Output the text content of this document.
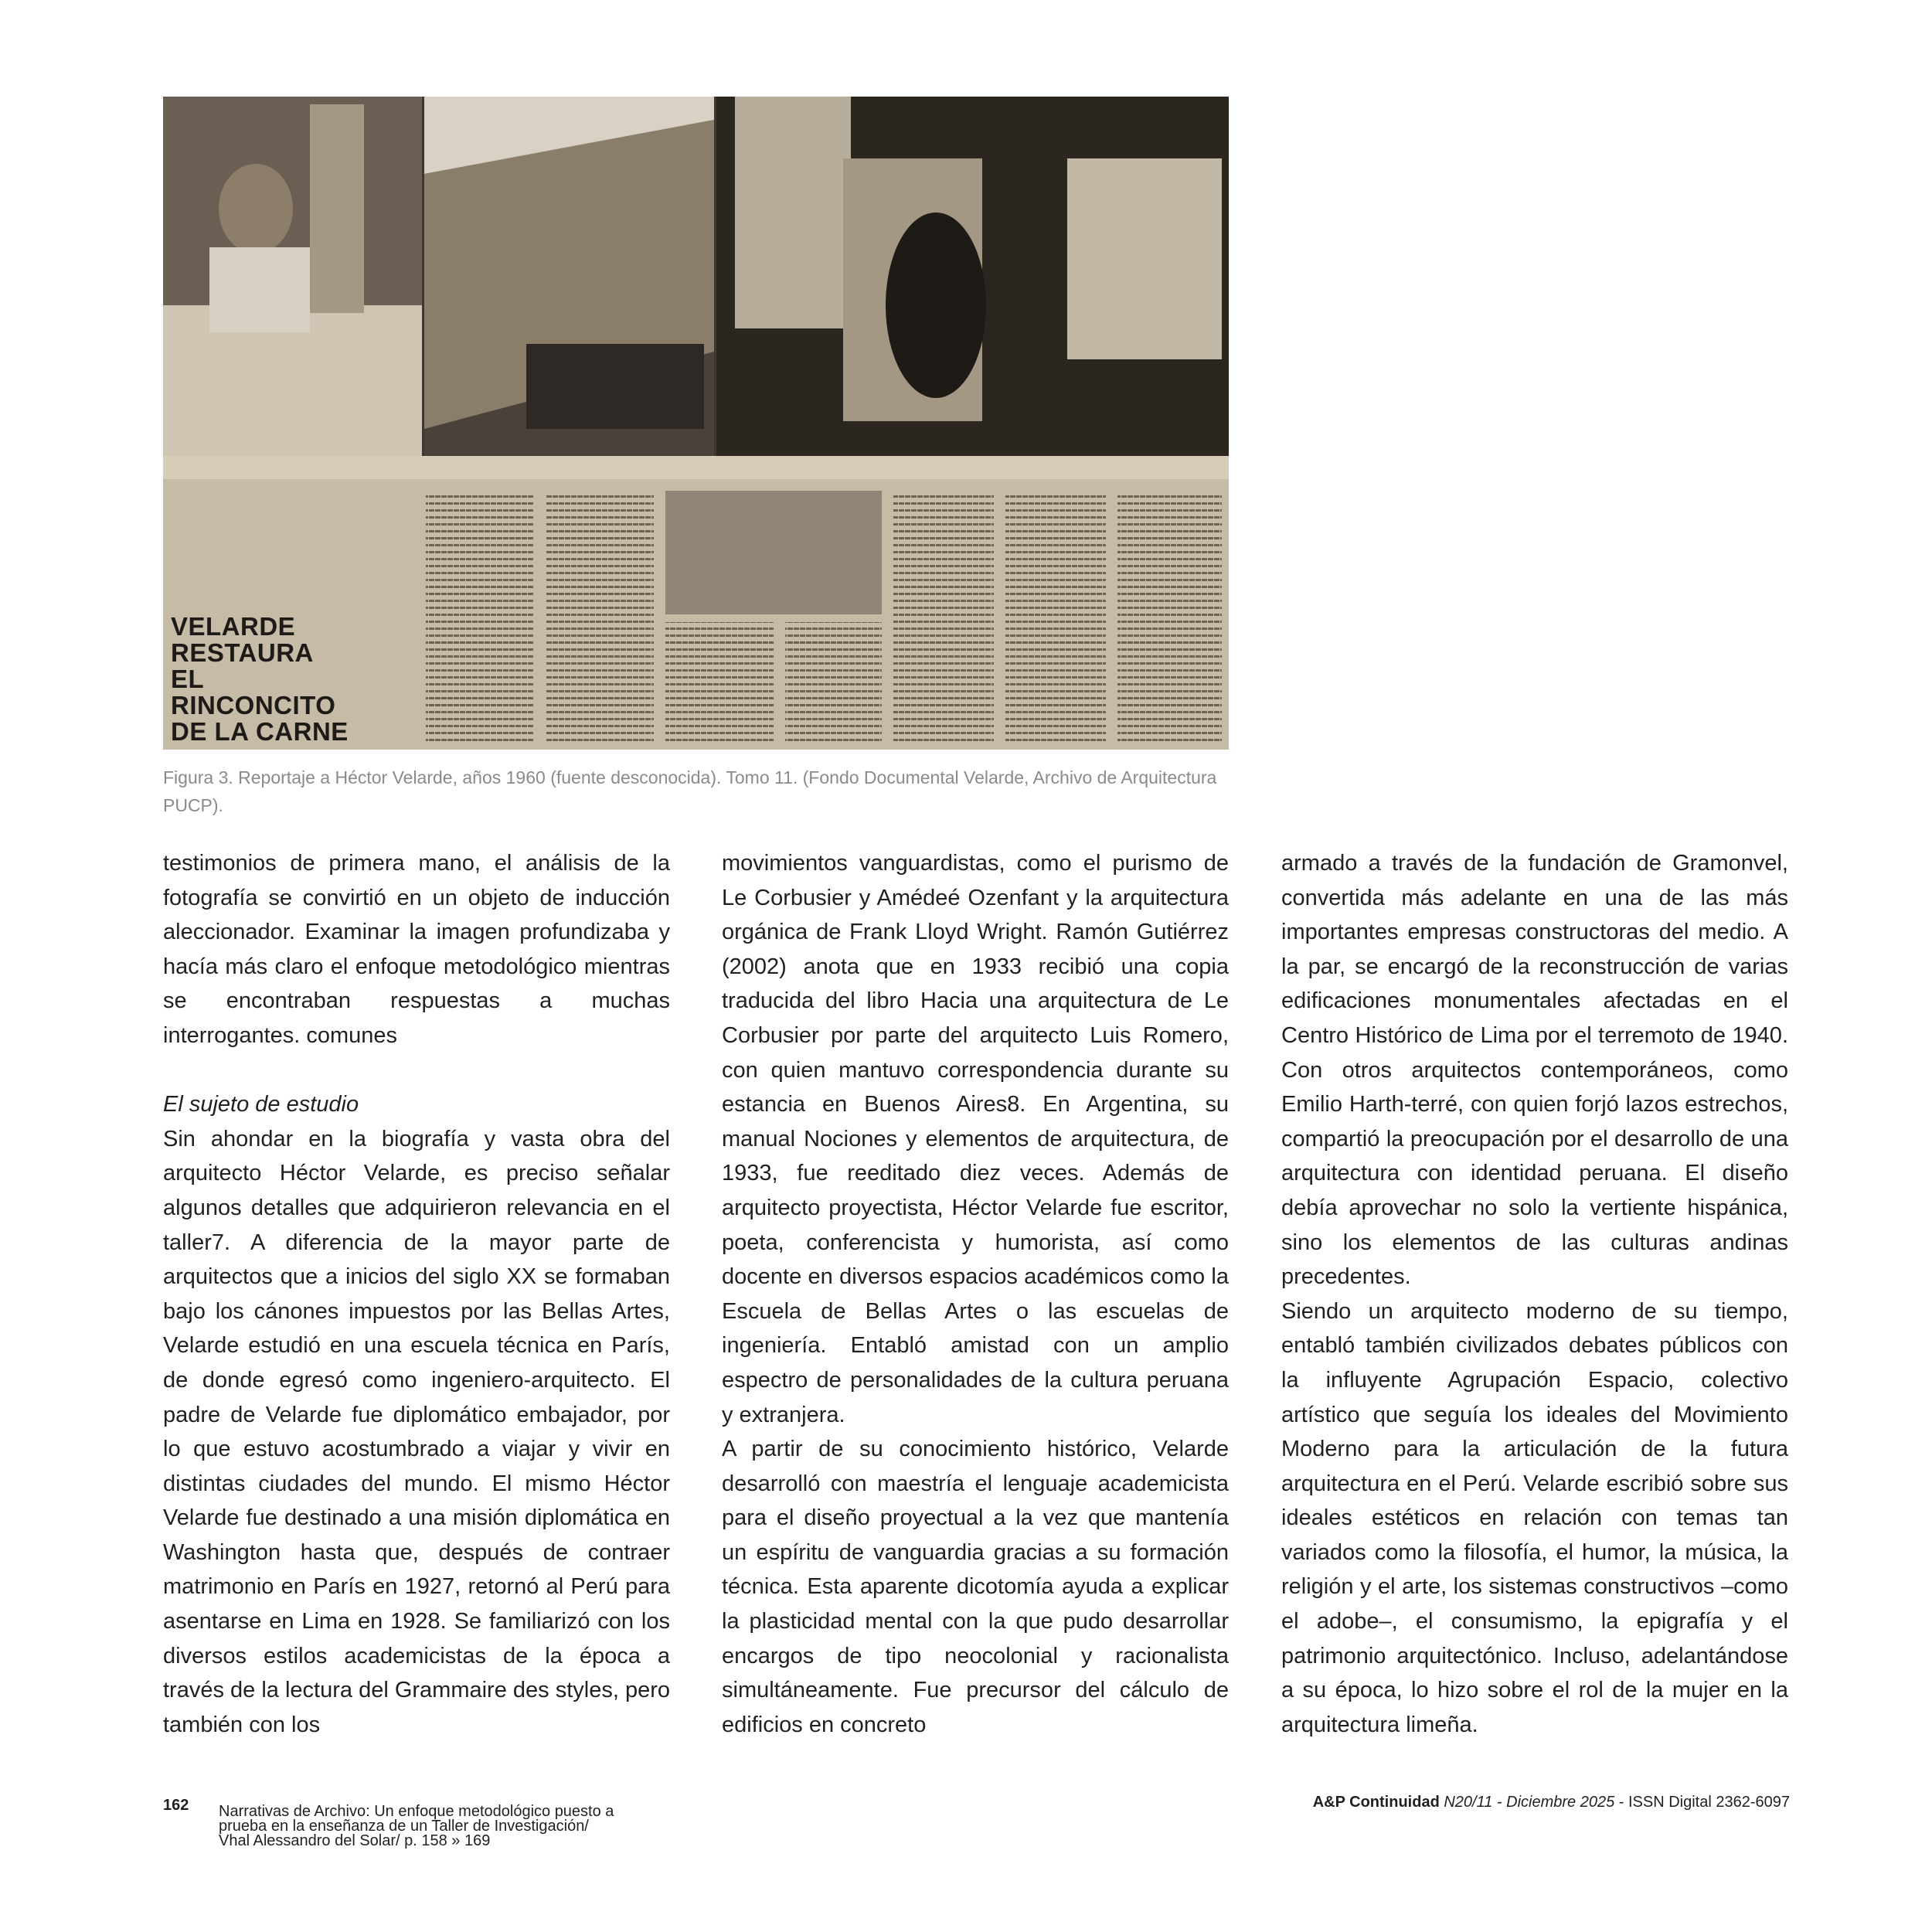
VELARDE
RESTAURA
EL
RINCONCITO
DE LA CARNE
Figura 3. Reportaje a Héctor Velarde, años 1960 (fuente desconocida). Tomo 11. (Fondo Documental Velarde, Archivo de Arquitectura PUCP).

testimonios de primera mano, el análisis de la fotografía se convirtió en un objeto de inducción aleccionador. Examinar la imagen profundizaba y hacía más claro el enfoque metodológico mientras se encontraban respuestas a muchas interrogantes. comunes

El sujeto de estudio

Sin ahondar en la biografía y vasta obra del arquitecto Héctor Velarde, es preciso señalar algunos detalles que adquirieron relevancia en el taller7. A diferencia de la mayor parte de arquitectos que a inicios del siglo XX se formaban bajo los cánones impuestos por las Bellas Artes, Velarde estudió en una escuela técnica en París, de donde egresó como ingeniero-arquitecto. El padre de Velarde fue diplomático embajador, por lo que estuvo acostumbrado a viajar y vivir en distintas ciudades del mundo. El mismo Héctor Velarde fue destinado a una misión diplomática en Washington hasta que, después de contraer matrimonio en París en 1927, retornó al Perú para asentarse en Lima en 1928. Se familiarizó con los diversos estilos academicistas de la época a través de la lectura del Grammaire des styles, pero también con los

movimientos vanguardistas, como el purismo de Le Corbusier y Amédeé Ozenfant y la arquitectura orgánica de Frank Lloyd Wright. Ramón Gutiérrez (2002) anota que en 1933 recibió una copia traducida del libro Hacia una arquitectura de Le Corbusier por parte del arquitecto Luis Romero, con quien mantuvo correspondencia durante su estancia en Buenos Aires8. En Argentina, su manual Nociones y elementos de arquitectura, de 1933, fue reeditado diez veces. Además de arquitecto proyectista, Héctor Velarde fue escritor, poeta, conferencista y humorista, así como docente en diversos espacios académicos como la Escuela de Bellas Artes o las escuelas de ingeniería. Entabló amistad con un amplio espectro de personalidades de la cultura peruana y extranjera.

A partir de su conocimiento histórico, Velarde desarrolló con maestría el lenguaje academicista para el diseño proyectual a la vez que mantenía un espíritu de vanguardia gracias a su formación técnica. Esta aparente dicotomía ayuda a explicar la plasticidad mental con la que pudo desarrollar encargos de tipo neocolonial y racionalista simultáneamente. Fue precursor del cálculo de edificios en concreto

armado a través de la fundación de Gramonvel, convertida más adelante en una de las más importantes empresas constructoras del medio. A la par, se encargó de la reconstrucción de varias edificaciones monumentales afectadas en el Centro Histórico de Lima por el terremoto de 1940. Con otros arquitectos contemporáneos, como Emilio Harth-terré, con quien forjó lazos estrechos, compartió la preocupación por el desarrollo de una arquitectura con identidad peruana. El diseño debía aprovechar no solo la vertiente hispánica, sino los elementos de las culturas andinas precedentes.

Siendo un arquitecto moderno de su tiempo, entabló también civilizados debates públicos con la influyente Agrupación Espacio, colectivo artístico que seguía los ideales del Movimiento Moderno para la articulación de la futura arquitectura en el Perú. Velarde escribió sobre sus ideales estéticos en relación con temas tan variados como la filosofía, el humor, la música, la religión y el arte, los sistemas constructivos –como el adobe–, el consumismo, la epigrafía y el patrimonio arquitectónico. Incluso, adelantándose a su época, lo hizo sobre el rol de la mujer en la arquitectura limeña.

162 Narrativas de Archivo: Un enfoque metodológico puesto a
prueba en la enseñanza de un Taller de Investigación/
Vhal Alessandro del Solar/ p. 158 » 169
A&P Continuidad N20/11 - Diciembre 2025 - ISSN Digital 2362-6097
